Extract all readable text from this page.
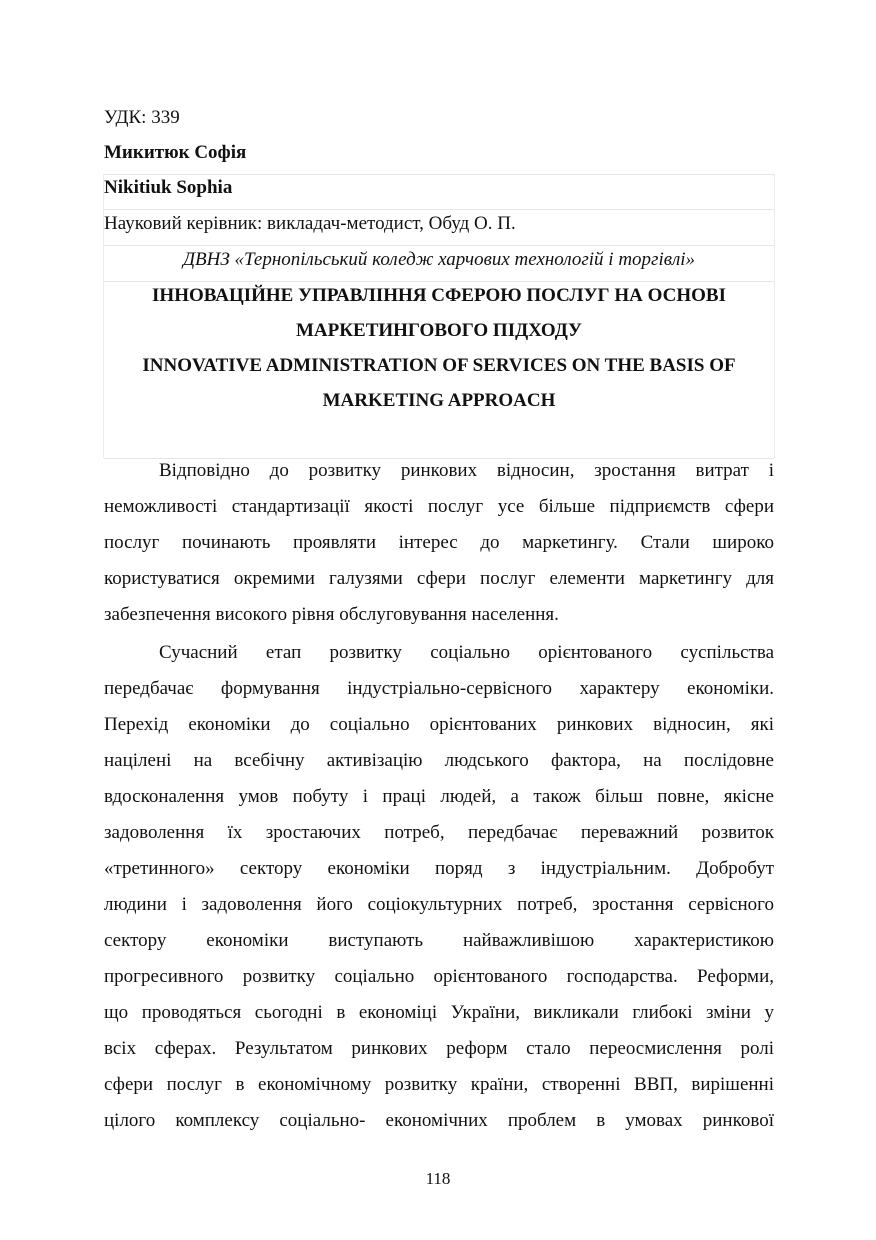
УДК: 339
Микитюк Софія
Nikitiuk Sophia
Науковий керівник: викладач-методист, Обуд О. П.
ДВНЗ «Тернопільський коледж харчових технологій і торгівлі»
ІННОВАЦІЙНЕ УПРАВЛІННЯ СФЕРОЮ ПОСЛУГ НА ОСНОВІ
МАРКЕТИНГОВОГО ПІДХОДУ
INNOVATIVE ADMINISTRATION OF SERVICES ON THE BASIS OF
MARKETING APPROACH
Відповідно до розвитку ринкових відносин, зростання витрат і
неможливості стандартизації якості послуг усе більше підприємств сфери
послуг починають проявляти інтерес до маркетингу. Стали широко
користуватися окремими галузями сфери послуг елементи маркетингу для
забезпечення високого рівня обслуговування населення.
Сучасний етап розвитку соціально орієнтованого суспільства
передбачає формування індустріально-сервісного характеру економіки.
Перехід економіки до соціально орієнтованих ринкових відносин, які
націлені на всебічну активізацію людського фактора, на послідовне
вдосконалення умов побуту і праці людей, а також більш повне, якісне
задоволення їх зростаючих потреб, передбачає переважний розвиток
«третинного» сектору економіки поряд з індустріальним. Добробут
людини і задоволення його соціокультурних потреб, зростання сервісного
сектору економіки виступають найважливішою характеристикою
прогресивного розвитку соціально орієнтованого господарства. Реформи,
що проводяться сьогодні в економіці України, викликали глибокі зміни у
всіх сферах. Результатом ринкових реформ стало переосмислення ролі
сфери послуг в економічному розвитку країни, створенні ВВП, вирішенні
цілого комплексу соціально- економічних проблем в умовах ринкової
118
